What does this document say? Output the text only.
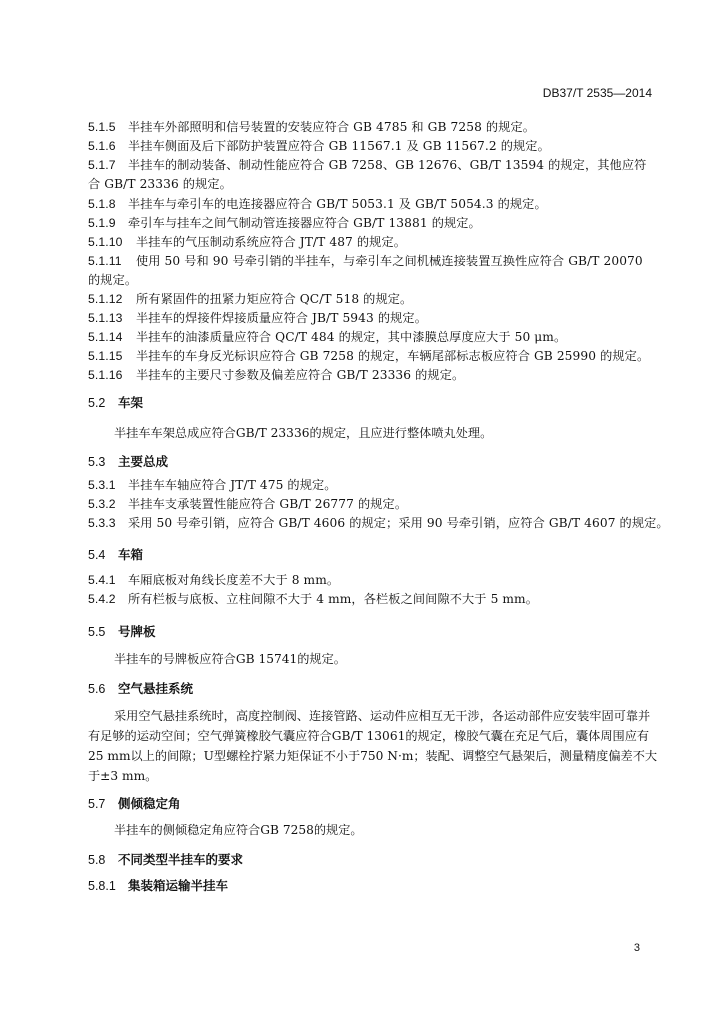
DB37/T 2535—2014
5.1.5 半挂车外部照明和信号装置的安装应符合 GB 4785 和 GB 7258 的规定。
5.1.6 半挂车侧面及后下部防护装置应符合 GB 11567.1 及 GB 11567.2 的规定。
5.1.7 半挂车的制动装备、制动性能应符合 GB 7258、GB 12676、GB/T 13594 的规定，其他应符合 GB/T 23336 的规定。
5.1.8 半挂车与牵引车的电连接器应符合 GB/T 5053.1 及 GB/T 5054.3 的规定。
5.1.9 牵引车与挂车之间气制动管连接器应符合 GB/T 13881 的规定。
5.1.10 半挂车的气压制动系统应符合 JT/T 487 的规定。
5.1.11 使用 50 号和 90 号牵引销的半挂车，与牵引车之间机械连接装置互换性应符合 GB/T 20070 的规定。
5.1.12 所有紧固件的扭紧力矩应符合 QC/T 518 的规定。
5.1.13 半挂车的焊接件焊接质量应符合 JB/T 5943 的规定。
5.1.14 半挂车的油漆质量应符合 QC/T 484 的规定，其中漆膜总厚度应大于 50 μm。
5.1.15 半挂车的车身反光标识应符合 GB 7258 的规定，车辆尾部标志板应符合 GB 25990 的规定。
5.1.16 半挂车的主要尺寸参数及偏差应符合 GB/T 23336 的规定。
5.2 车架
半挂车车架总成应符合GB/T 23336的规定，且应进行整体喷丸处理。
5.3 主要总成
5.3.1 半挂车车轴应符合 JT/T 475 的规定。
5.3.2 半挂车支承装置性能应符合 GB/T 26777 的规定。
5.3.3 采用 50 号牵引销，应符合 GB/T 4606 的规定；采用 90 号牵引销，应符合 GB/T 4607 的规定。
5.4 车箱
5.4.1 车厢底板对角线长度差不大于 8 mm。
5.4.2 所有栏板与底板、立柱间隙不大于 4 mm，各栏板之间间隙不大于 5 mm。
5.5 号牌板
半挂车的号牌板应符合GB 15741的规定。
5.6 空气悬挂系统
采用空气悬挂系统时，高度控制阀、连接管路、运动件应相互无干涉，各运动部件应安装牢固可靠并有足够的运动空间；空气弹簧橡胶气囊应符合GB/T 13061的规定，橡胶气囊在充足气后，囊体周围应有25 mm以上的间隙；U型螺栓拧紧力矩保证不小于750 N·m；装配、调整空气悬架后，测量精度偏差不大于±3 mm。
5.7 侧倾稳定角
半挂车的侧倾稳定角应符合GB 7258的规定。
5.8 不同类型半挂车的要求
5.8.1 集装箱运输半挂车
3
